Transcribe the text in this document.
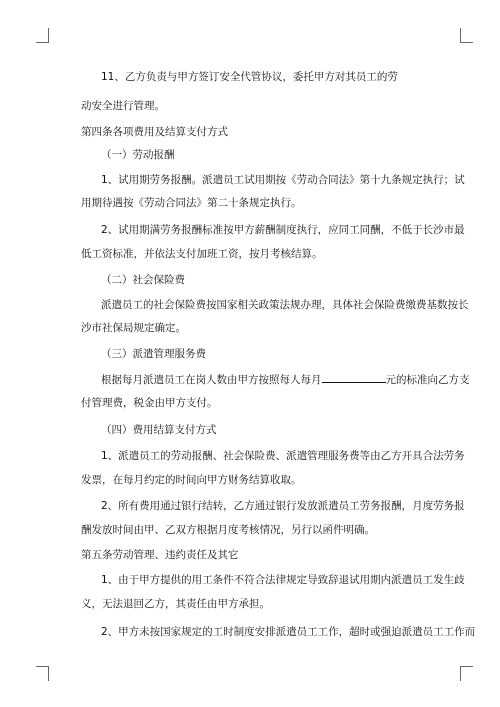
11、乙方负责与甲方签订安全代管协议，委托甲方对其员工的劳
动安全进行管理。
第四条各项费用及结算支付方式
（一）劳动报酬
1、试用期劳务报酬。派遣员工试用期按《劳动合同法》第十九条规定执行；试
用期待遇按《劳动合同法》第二十条规定执行。
2、试用期满劳务报酬标准按甲方薪酬制度执行，应同工同酬，不低于长沙市最
低工资标准，并依法支付加班工资，按月考核结算。
（二）社会保险费
派遣员工的社会保险费按国家相关政策法规办理，具体社会保险费缴费基数按长
沙市社保局规定确定。
（三）派遣管理服务费
根据每月派遣员工在岗人数由甲方按照每人每月	元的标准向乙方支
付管理费，税金由甲方支付。
（四）费用结算支付方式
1、派遣员工的劳动报酬、社会保险费、派遣管理服务费等由乙方开具合法劳务
发票，在每月约定的时间向甲方财务结算收取。
2、所有费用通过银行结转，乙方通过银行发放派遣员工劳务报酬，月度劳务报
酬发放时间由甲、乙双方根据月度考核情况，另行以函件明确。
第五条劳动管理、违约责任及其它
1、由于甲方提供的用工条件不符合法律规定导致辞退试用期内派遣员工发生歧
义，无法退回乙方，其责任由甲方承担。
2、甲方未按国家规定的工时制度安排派遣员工工作，超时或强迫派遣员工工作而
